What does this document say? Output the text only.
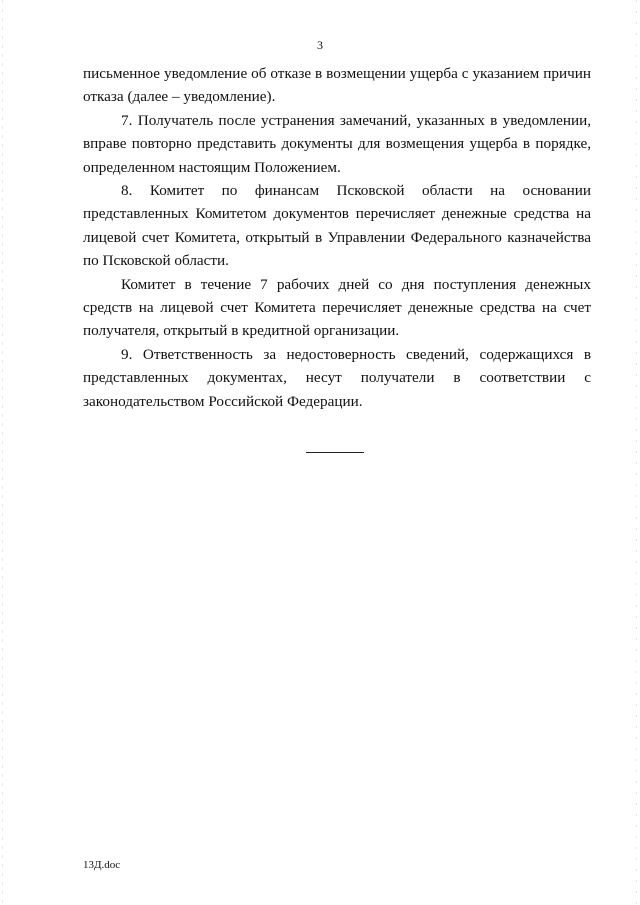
3

письменное уведомление об отказе в возмещении ущерба с указанием причин отказа (далее – уведомление).

7. Получатель после устранения замечаний, указанных в уведомлении, вправе повторно представить документы для возмещения ущерба в порядке, определенном настоящим Положением.

8. Комитет по финансам Псковской области на основании представленных Комитетом документов перечисляет денежные средства на лицевой счет Комитета, открытый в Управлении Федерального казначейства по Псковской области.

Комитет в течение 7 рабочих дней со дня поступления денежных средств на лицевой счет Комитета перечисляет денежные средства на счет получателя, открытый в кредитной организации.

9. Ответственность за недостоверность сведений, содержащихся в представленных документах, несут получатели в соответствии с законодательством Российской Федерации.

13Д.doc
